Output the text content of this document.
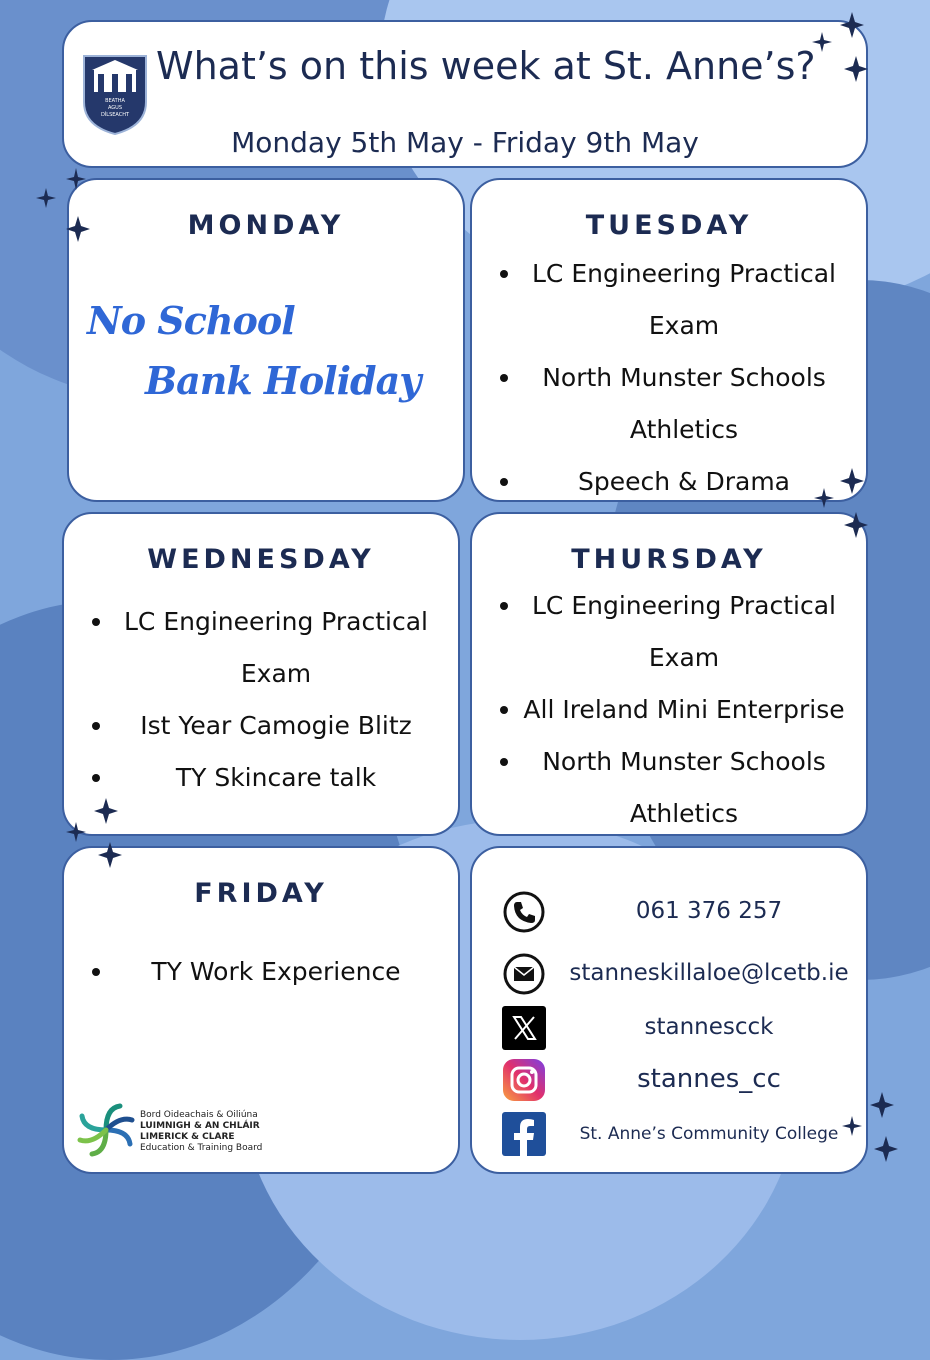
BEATHA
AGUS
DÍLSEACHT
What’s on this week at St. Anne’s?
Monday 5th May - Friday 9th May
MONDAY
No School
Bank Holiday
TUESDAY
LC Engineering Practical Exam
North Munster Schools Athletics
Speech & Drama
WEDNESDAY
LC Engineering Practical Exam
Ist Year Camogie Blitz
TY Skincare talk
THURSDAY
LC Engineering Practical Exam
All Ireland Mini Enterprise
North Munster Schools Athletics
FRIDAY
TY Work Experience
Bord Oideachais & Oiliúna
LUIMNIGH & AN CHLÁIR
LIMERICK & CLARE
Education & Training Board
061 376 257
stanneskillaloe@lcetb.ie
stannescck
stannes_cc
St. Anne’s Community College
